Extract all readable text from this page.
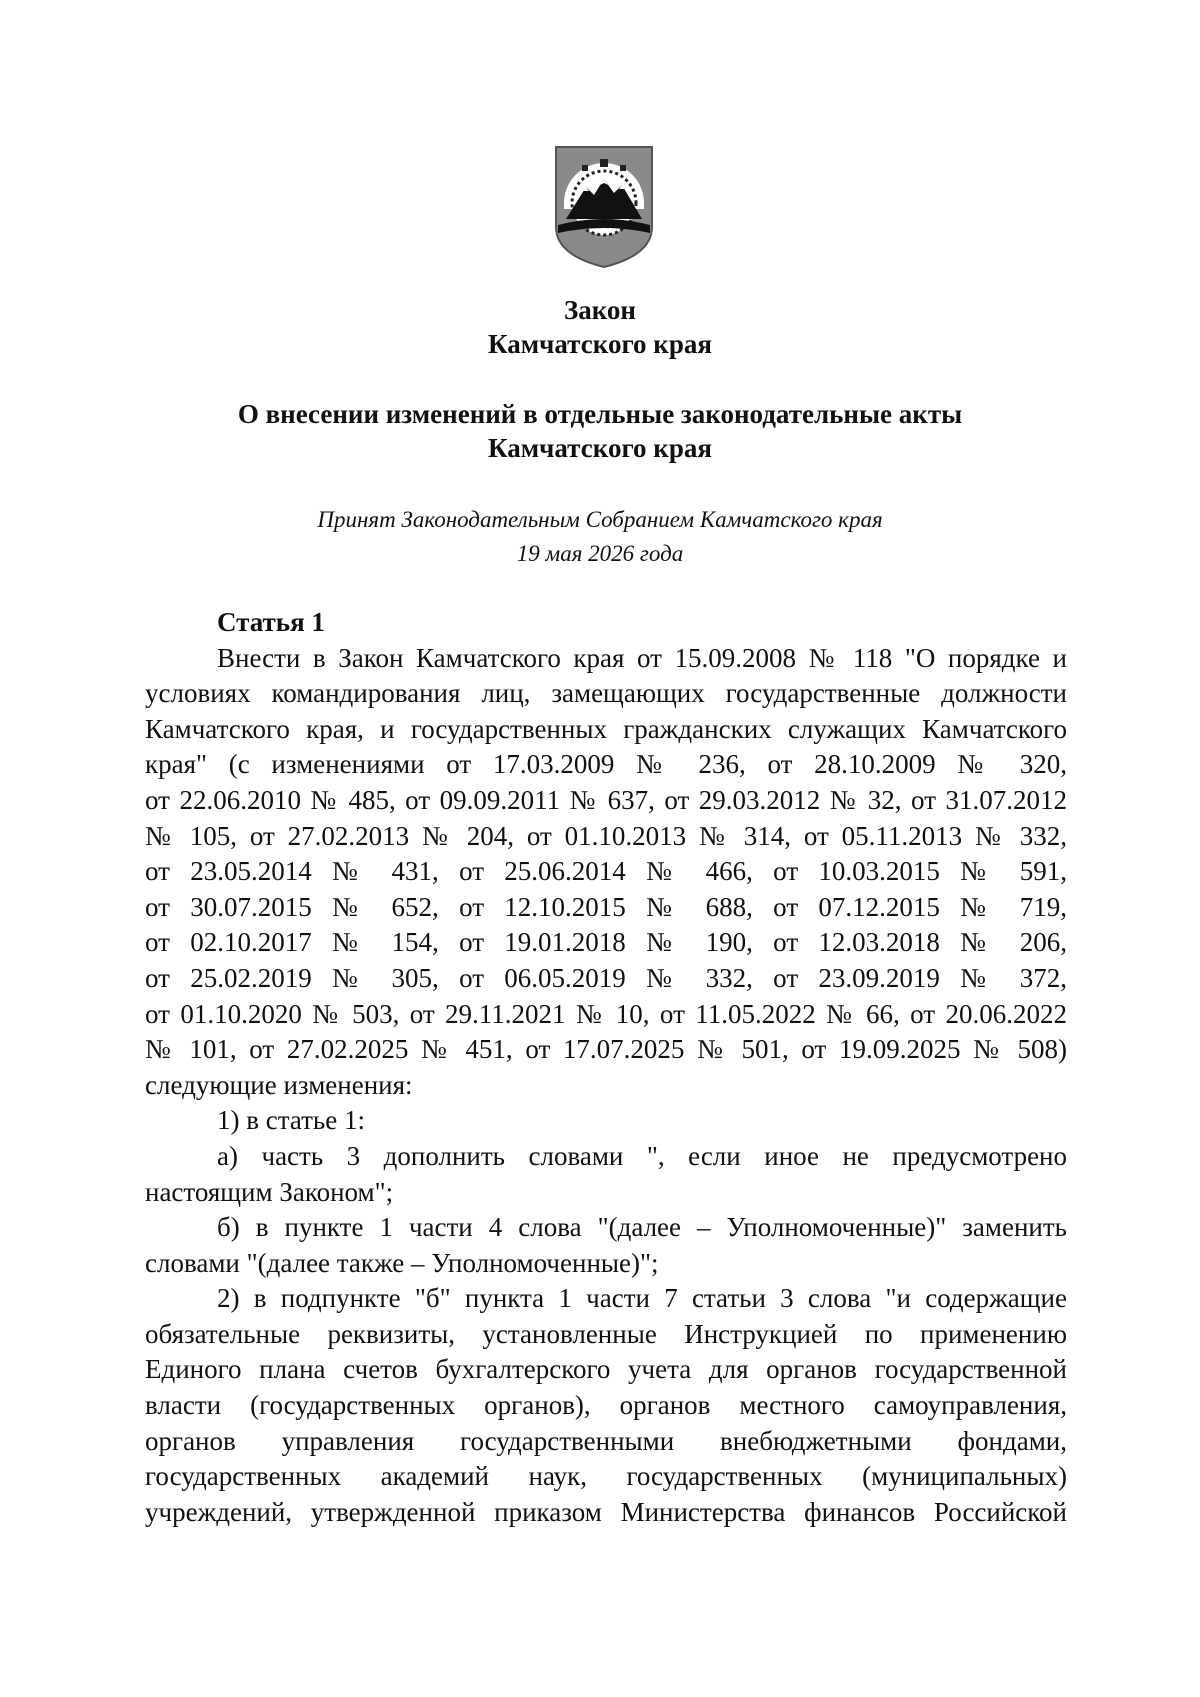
Закон
Камчатского края
О внесении изменений в отдельные законодательные акты
Камчатского края
Принят Законодательным Собранием Камчатского края
19 мая 2026 года
Статья 1
Внести в Закон Камчатского края от 15.09.2008 № 118 "О порядке и
условиях командирования лиц, замещающих государственные должности
Камчатского края, и государственных гражданских служащих Камчатского
края" (с изменениями от 17.03.2009 № 236, от 28.10.2009 № 320,
от 22.06.2010 № 485, от 09.09.2011 № 637, от 29.03.2012 № 32, от 31.07.2012
№ 105, от 27.02.2013 № 204, от 01.10.2013 № 314, от 05.11.2013 № 332,
от 23.05.2014 № 431, от 25.06.2014 № 466, от 10.03.2015 № 591,
от 30.07.2015 № 652, от 12.10.2015 № 688, от 07.12.2015 № 719,
от 02.10.2017 № 154, от 19.01.2018 № 190, от 12.03.2018 № 206,
от 25.02.2019 № 305, от 06.05.2019 № 332, от 23.09.2019 № 372,
от 01.10.2020 № 503, от 29.11.2021 № 10, от 11.05.2022 № 66, от 20.06.2022
№ 101, от 27.02.2025 № 451, от 17.07.2025 № 501, от 19.09.2025 № 508)
следующие изменения:
1) в статье 1:
а) часть 3 дополнить словами ", если иное не предусмотрено
настоящим Законом";
б) в пункте 1 части 4 слова "(далее – Уполномоченные)" заменить
словами "(далее также – Уполномоченные)";
2) в подпункте "б" пункта 1 части 7 статьи 3 слова "и содержащие
обязательные реквизиты, установленные Инструкцией по применению
Единого плана счетов бухгалтерского учета для органов государственной
власти (государственных органов), органов местного самоуправления,
органов управления государственными внебюджетными фондами,
государственных академий наук, государственных (муниципальных)
учреждений, утвержденной приказом Министерства финансов Российской
